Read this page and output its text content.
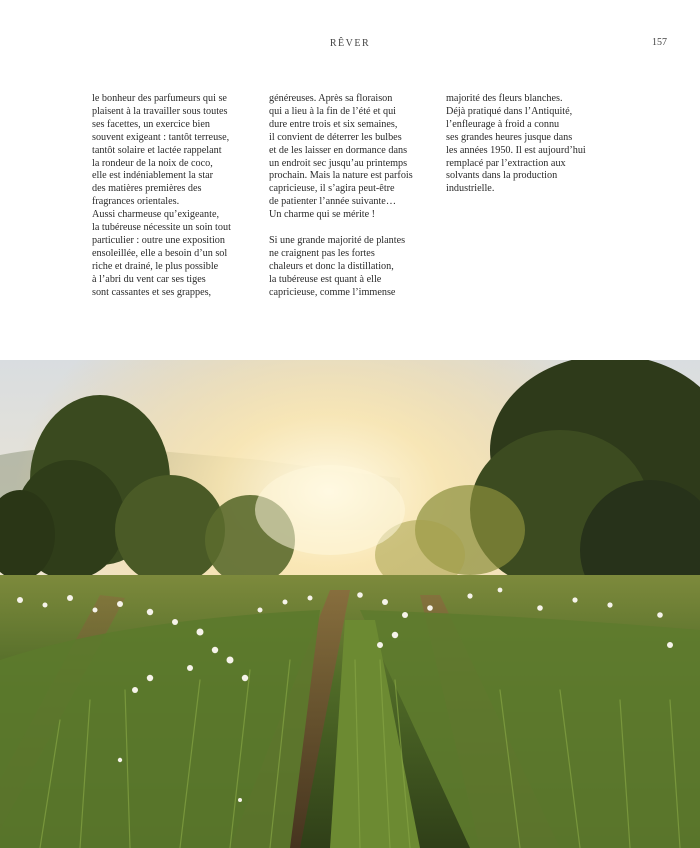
RÊVER	157
le bonheur des parfumeurs qui se
plaisent à la travailler sous toutes
ses facettes, un exercice bien
souvent exigeant : tantôt terreuse,
tantôt solaire et lactée rappelant
la rondeur de la noix de coco,
elle est indéniablement la star
des matières premières des
fragrances orientales.
Aussi charmeuse qu’exigeante,
la tubéreuse nécessite un soin tout
particulier : outre une exposition
ensoleillée, elle a besoin d’un sol
riche et drainé, le plus possible
à l’abri du vent car ses tiges
sont cassantes et ses grappes,
généreuses. Après sa floraison
qui a lieu à la fin de l’été et qui
dure entre trois et six semaines,
il convient de déterrer les bulbes
et de les laisser en dormance dans
un endroit sec jusqu’au printemps
prochain. Mais la nature est parfois
capricieuse, il s’agira peut-être
de patienter l’année suivante…
Un charme qui se mérite !
Si une grande majorité de plantes
ne craignent pas les fortes
chaleurs et donc la distillation,
la tubéreuse est quant à elle
capricieuse, comme l’immense
majorité des fleurs blanches.
Déjà pratiqué dans l’Antiquité,
l’enfleurage à froid a connu
ses grandes heures jusque dans
les années 1950. Il est aujourd’hui
remplacé par l’extraction aux
solvants dans la production
industrielle.
